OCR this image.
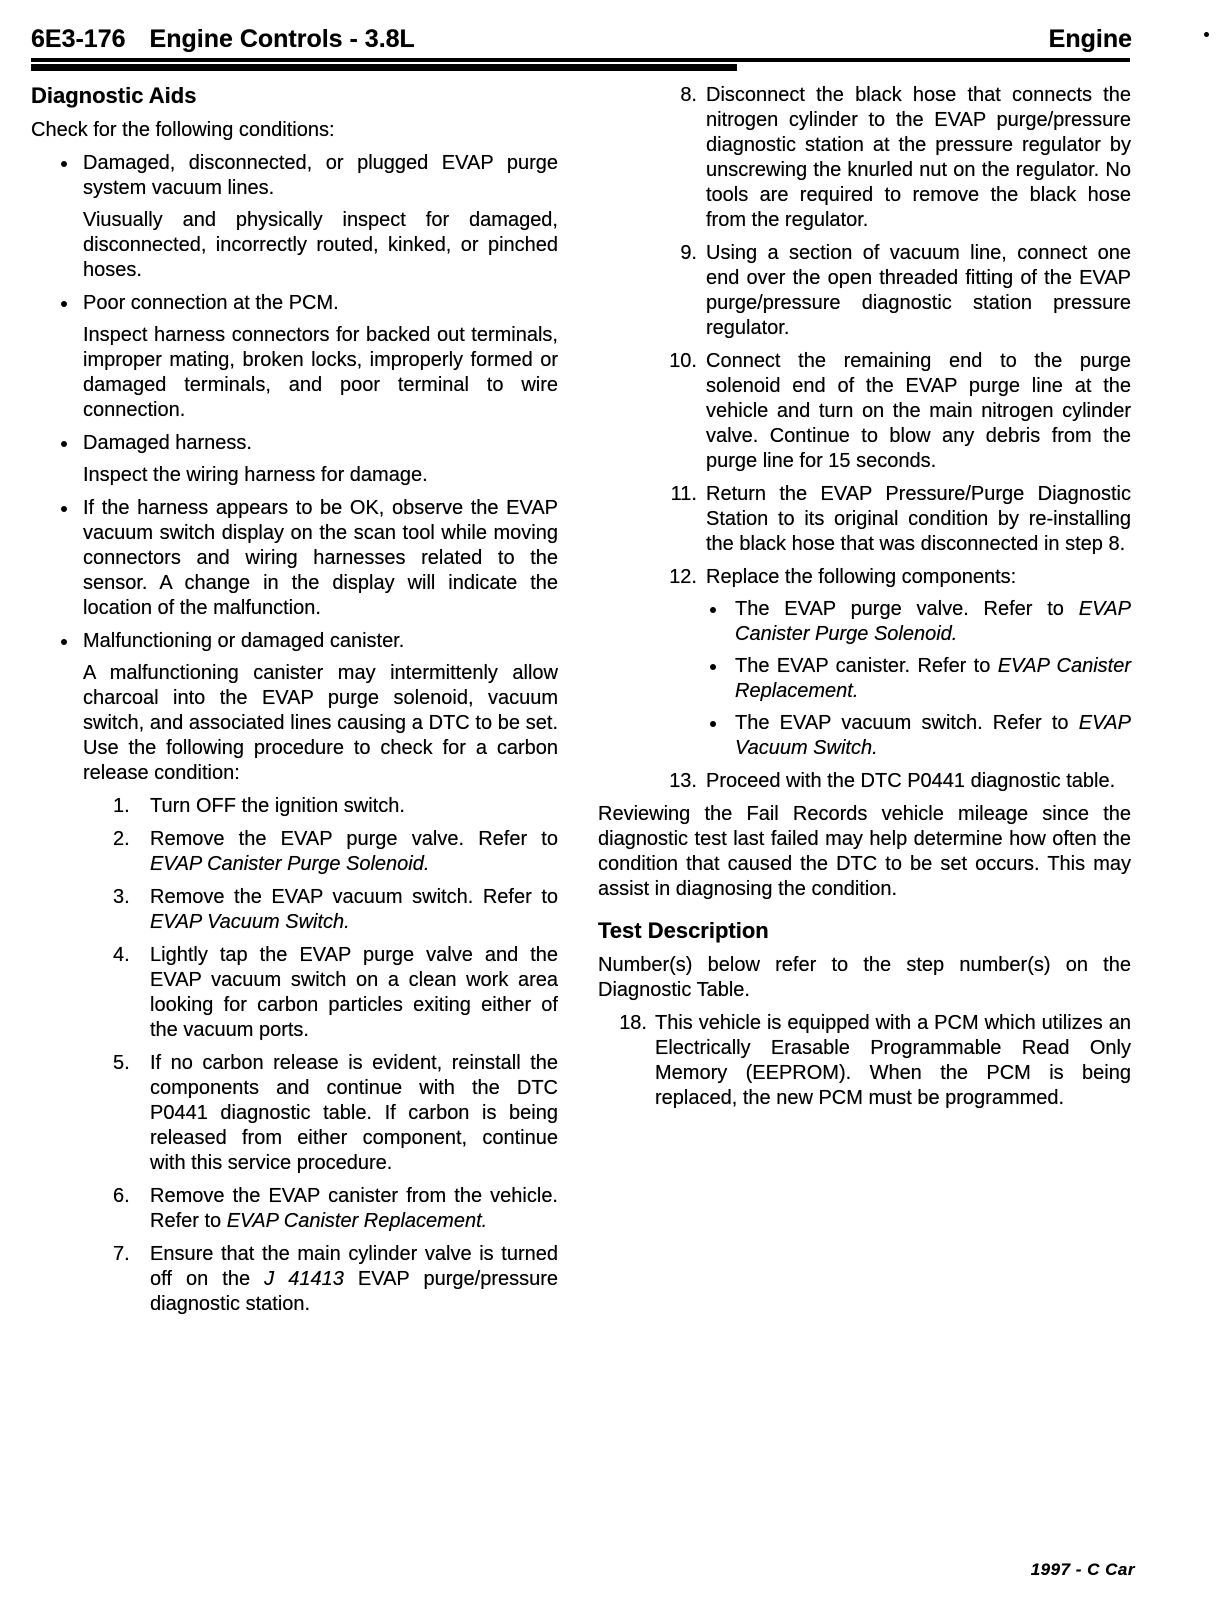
6E3-176 Engine Controls - 3.8L	Engine
Diagnostic Aids

Check for the following conditions:

Damaged, disconnected, or plugged EVAP purge system vacuum lines.

Viusually and physically inspect for damaged, disconnected, incorrectly routed, kinked, or pinched hoses.

Poor connection at the PCM.

Inspect harness connectors for backed out terminals, improper mating, broken locks, improperly formed or damaged terminals, and poor terminal to wire connection.

Damaged harness.

Inspect the wiring harness for damage.

If the harness appears to be OK, observe the EVAP vacuum switch display on the scan tool while moving connectors and wiring harnesses related to the sensor. A change in the display will indicate the location of the malfunction.

Malfunctioning or damaged canister.

A malfunctioning canister may intermittenly allow charcoal into the EVAP purge solenoid, vacuum switch, and associated lines causing a DTC to be set. Use the following procedure to check for a carbon release condition:

1.	Turn OFF the ignition switch.

2.	Remove the EVAP purge valve. Refer to EVAP Canister Purge Solenoid.

3.	Remove the EVAP vacuum switch. Refer to EVAP Vacuum Switch.

4.	Lightly tap the EVAP purge valve and the EVAP vacuum switch on a clean work area looking for carbon particles exiting either of the vacuum ports.

5.	If no carbon release is evident, reinstall the components and continue with the DTC P0441 diagnostic table. If carbon is being released from either component, continue with this service procedure.

6.	Remove the EVAP canister from the vehicle. Refer to EVAP Canister Replacement.

7.	Ensure that the main cylinder valve is turned off on the J 41413 EVAP purge/pressure diagnostic station.

8. Disconnect the black hose that connects the nitrogen cylinder to the EVAP purge/pressure diagnostic station at the pressure regulator by unscrewing the knurled nut on the regulator. No tools are required to remove the black hose from the regulator.

9. Using a section of vacuum line, connect one end over the open threaded fitting of the EVAP purge/pressure diagnostic station pressure regulator.

10. Connect the remaining end to the purge solenoid end of the EVAP purge line at the vehicle and turn on the main nitrogen cylinder valve. Continue to blow any debris from the purge line for 15 seconds.

11. Return the EVAP Pressure/Purge Diagnostic Station to its original condition by re-installing the black hose that was disconnected in step 8.

12. Replace the following components:

The EVAP purge valve. Refer to EVAP Canister Purge Solenoid.

The EVAP canister. Refer to EVAP Canister Replacement.

The EVAP vacuum switch. Refer to EVAP Vacuum Switch.

13. Proceed with the DTC P0441 diagnostic table.

Reviewing the Fail Records vehicle mileage since the diagnostic test last failed may help determine how often the condition that caused the DTC to be set occurs. This may assist in diagnosing the condition.

Test Description

Number(s) below refer to the step number(s) on the Diagnostic Table.

18. This vehicle is equipped with a PCM which utilizes an Electrically Erasable Programmable Read Only Memory (EEPROM). When the PCM is being replaced, the new PCM must be programmed.

1997 - C Car
